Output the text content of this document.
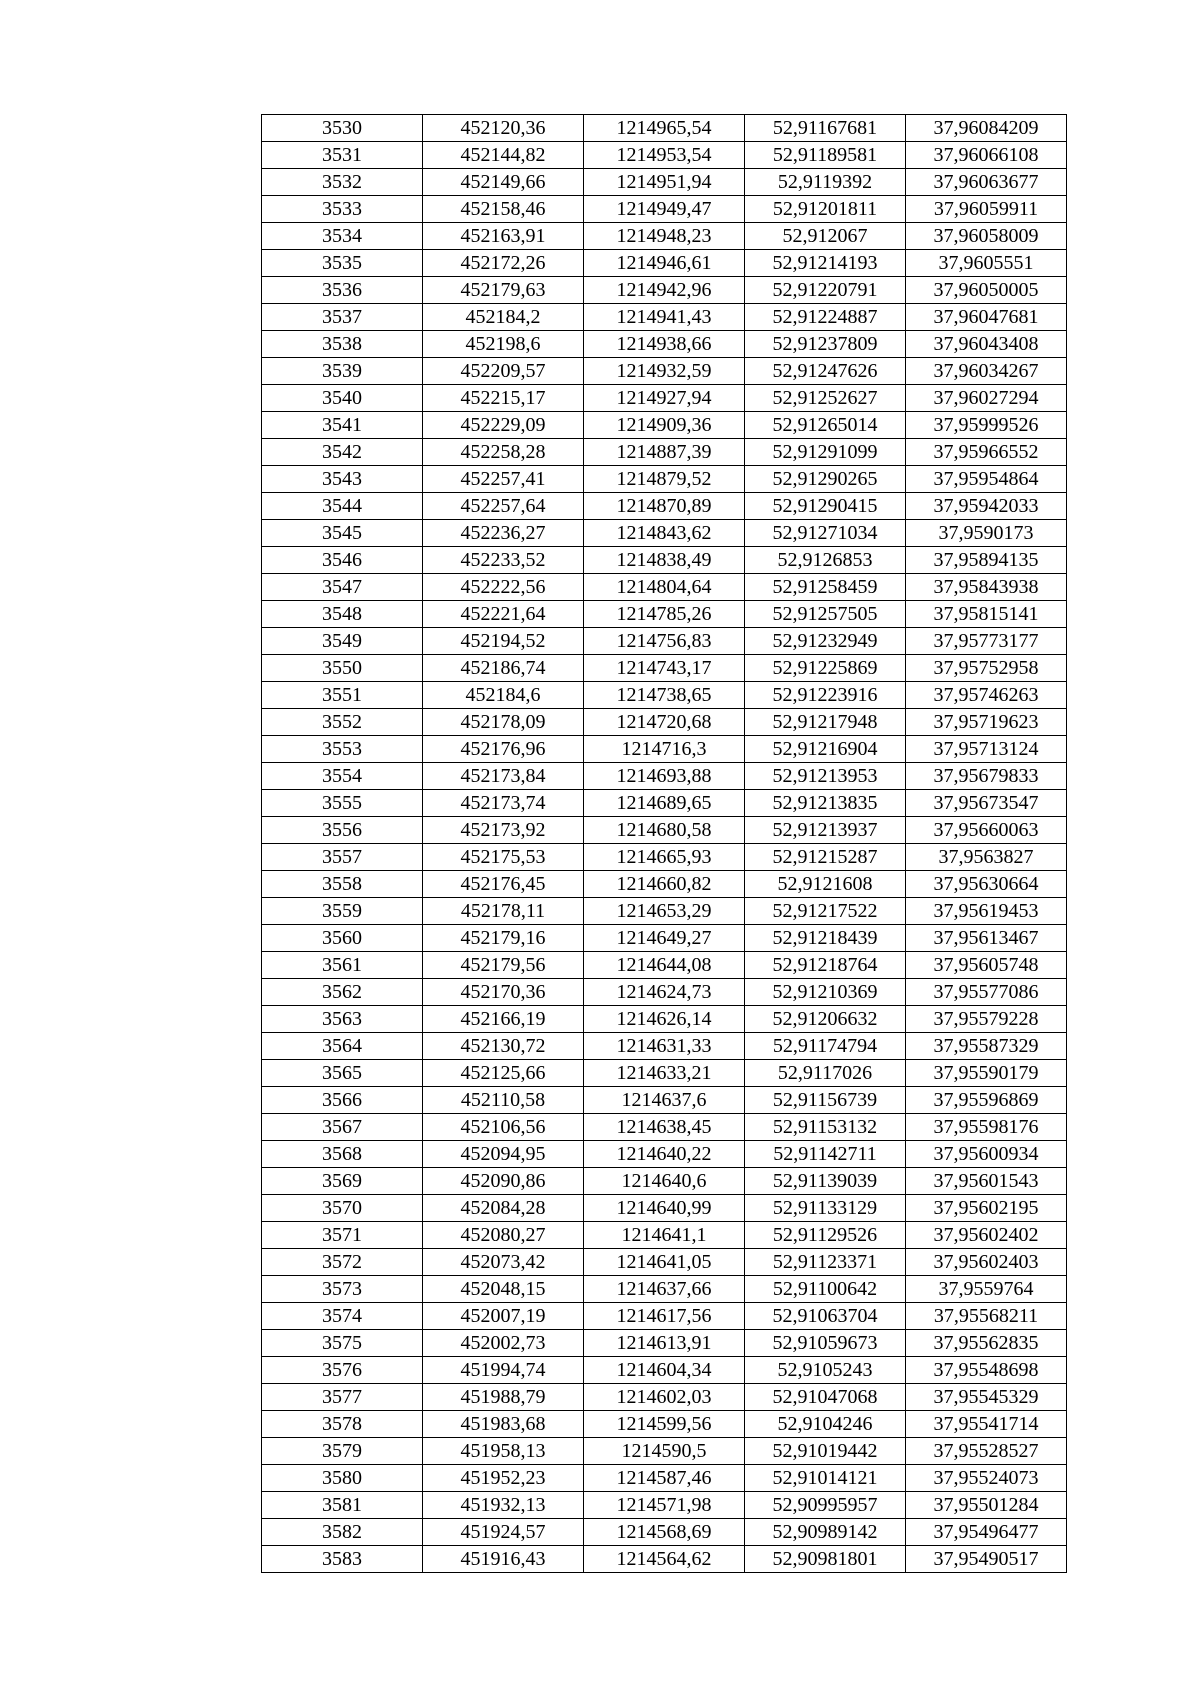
3530	452120,36	1214965,54	52,91167681	37,96084209
3531	452144,82	1214953,54	52,91189581	37,96066108
3532	452149,66	1214951,94	52,9119392	37,96063677
3533	452158,46	1214949,47	52,91201811	37,96059911
3534	452163,91	1214948,23	52,912067	37,96058009
3535	452172,26	1214946,61	52,91214193	37,9605551
3536	452179,63	1214942,96	52,91220791	37,96050005
3537	452184,2	1214941,43	52,91224887	37,96047681
3538	452198,6	1214938,66	52,91237809	37,96043408
3539	452209,57	1214932,59	52,91247626	37,96034267
3540	452215,17	1214927,94	52,91252627	37,96027294
3541	452229,09	1214909,36	52,91265014	37,95999526
3542	452258,28	1214887,39	52,91291099	37,95966552
3543	452257,41	1214879,52	52,91290265	37,95954864
3544	452257,64	1214870,89	52,91290415	37,95942033
3545	452236,27	1214843,62	52,91271034	37,9590173
3546	452233,52	1214838,49	52,9126853	37,95894135
3547	452222,56	1214804,64	52,91258459	37,95843938
3548	452221,64	1214785,26	52,91257505	37,95815141
3549	452194,52	1214756,83	52,91232949	37,95773177
3550	452186,74	1214743,17	52,91225869	37,95752958
3551	452184,6	1214738,65	52,91223916	37,95746263
3552	452178,09	1214720,68	52,91217948	37,95719623
3553	452176,96	1214716,3	52,91216904	37,95713124
3554	452173,84	1214693,88	52,91213953	37,95679833
3555	452173,74	1214689,65	52,91213835	37,95673547
3556	452173,92	1214680,58	52,91213937	37,95660063
3557	452175,53	1214665,93	52,91215287	37,9563827
3558	452176,45	1214660,82	52,9121608	37,95630664
3559	452178,11	1214653,29	52,91217522	37,95619453
3560	452179,16	1214649,27	52,91218439	37,95613467
3561	452179,56	1214644,08	52,91218764	37,95605748
3562	452170,36	1214624,73	52,91210369	37,95577086
3563	452166,19	1214626,14	52,91206632	37,95579228
3564	452130,72	1214631,33	52,91174794	37,95587329
3565	452125,66	1214633,21	52,9117026	37,95590179
3566	452110,58	1214637,6	52,91156739	37,95596869
3567	452106,56	1214638,45	52,91153132	37,95598176
3568	452094,95	1214640,22	52,91142711	37,95600934
3569	452090,86	1214640,6	52,91139039	37,95601543
3570	452084,28	1214640,99	52,91133129	37,95602195
3571	452080,27	1214641,1	52,91129526	37,95602402
3572	452073,42	1214641,05	52,91123371	37,95602403
3573	452048,15	1214637,66	52,91100642	37,9559764
3574	452007,19	1214617,56	52,91063704	37,95568211
3575	452002,73	1214613,91	52,91059673	37,95562835
3576	451994,74	1214604,34	52,9105243	37,95548698
3577	451988,79	1214602,03	52,91047068	37,95545329
3578	451983,68	1214599,56	52,9104246	37,95541714
3579	451958,13	1214590,5	52,91019442	37,95528527
3580	451952,23	1214587,46	52,91014121	37,95524073
3581	451932,13	1214571,98	52,90995957	37,95501284
3582	451924,57	1214568,69	52,90989142	37,95496477
3583	451916,43	1214564,62	52,90981801	37,95490517
